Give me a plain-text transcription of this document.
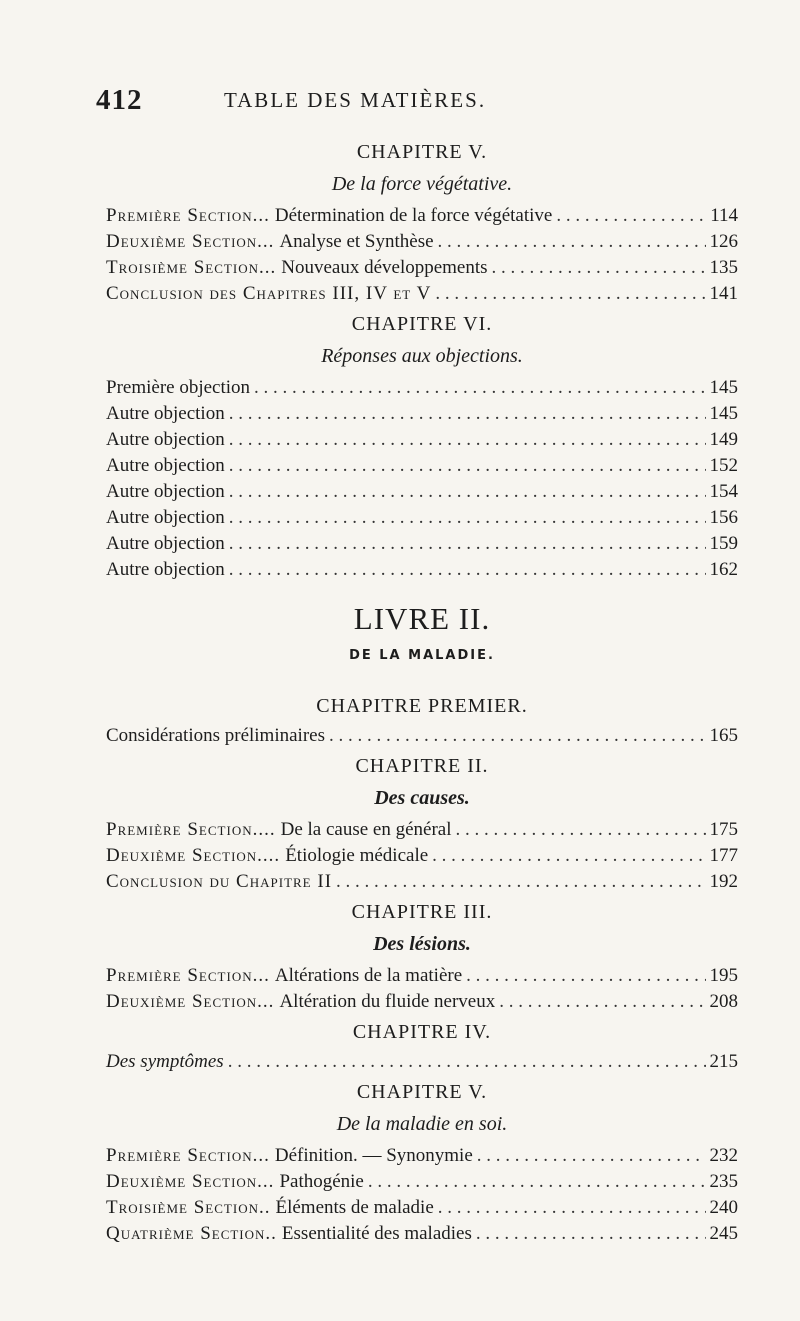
412	TABLE DES MATIÈRES.
CHAPITRE V.
De la force végétative.
Première Section... Détermination de la force végétative . . .	114
Deuxième Section... Analyse et Synthèse . . .	126
Troisième Section... Nouveaux développements . . .	135
Conclusion des Chapitres III, IV et V . . .	141
CHAPITRE VI.
Réponses aux objections.
Première objection . . .	145
Autre objection . . .	145
Autre objection . . .	149
Autre objection . . .	152
Autre objection . . .	154
Autre objection . . .	156
Autre objection . . .	159
Autre objection . . .	162
LIVRE II.
DE LA MALADIE.
CHAPITRE PREMIER.
Considérations préliminaires . . .	165
CHAPITRE II.
Des causes.
Première Section.... De la cause en général . . .	175
Deuxième Section.... Étiologie médicale . . .	177
Conclusion du Chapitre II . . .	192
CHAPITRE III.
Des lésions.
Première Section... Altérations de la matière . . .	195
Deuxième Section... Altération du fluide nerveux . . .	208
CHAPITRE IV.
Des symptômes . . .	215
CHAPITRE V.
De la maladie en soi.
Première Section... Définition. — Synonymie . . .	232
Deuxième Section... Pathogénie . . .	235
Troisième Section.. Éléments de maladie . . .	240
Quatrième Section.. Essentialité des maladies . . .	245
